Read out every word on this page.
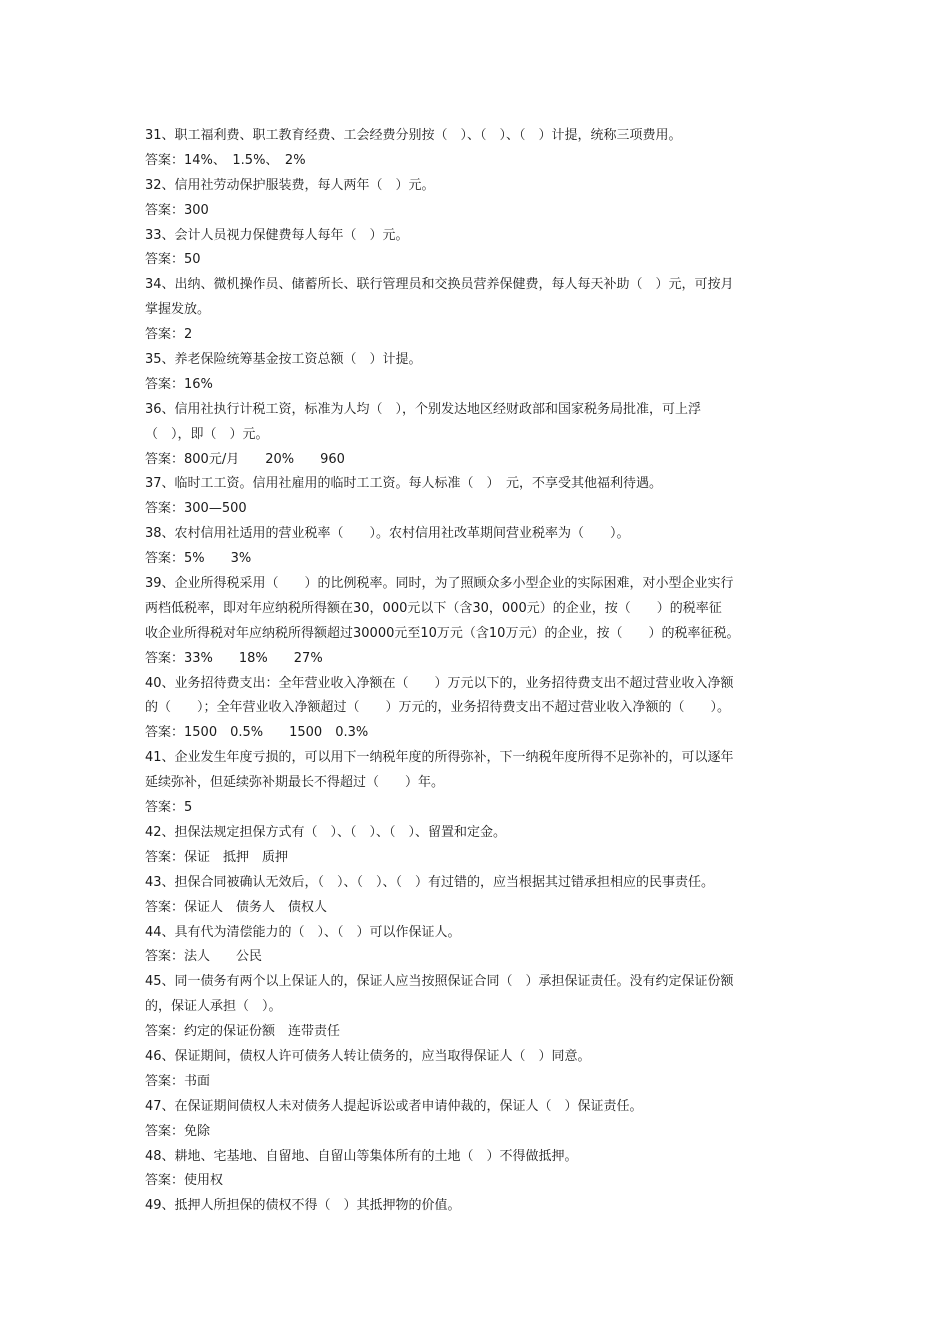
31、职工福利费、职工教育经费、工会经费分别按（　）、（　）、（　）计提，统称三项费用。
答案：14%、　1.5%、　2%
32、信用社劳动保护服装费，每人两年（　）元。
答案：300
33、会计人员视力保健费每人每年（　）元。
答案：50
34、出纳、微机操作员、储蓄所长、联行管理员和交换员营养保健费，每人每天补助（　）元，可按月
掌握发放。
答案：2
35、养老保险统筹基金按工资总额（　）计提。
答案：16%
36、信用社执行计税工资，标准为人均（　），个别发达地区经财政部和国家税务局批准，可上浮
（　），即（　）元。
答案：800元/月　　20%　　960
37、临时工工资。信用社雇用的临时工工资。每人标准（　）　元，不享受其他福利待遇。
答案：300—500
38、农村信用社适用的营业税率（　　）。农村信用社改革期间营业税率为（　　）。
答案：5%　　3%
39、企业所得税采用（　　）的比例税率。同时，为了照顾众多小型企业的实际困难，对小型企业实行
两档低税率，即对年应纳税所得额在30，000元以下（含30，000元）的企业，按（　　）的税率征
收企业所得税对年应纳税所得额超过30000元至10万元（含10万元）的企业，按（　　）的税率征税。
答案：33%　　18%　　27%
40、业务招待费支出：全年营业收入净额在（　　）万元以下的，业务招待费支出不超过营业收入净额
的（　　）；全年营业收入净额超过（　　）万元的，业务招待费支出不超过营业收入净额的（　　）。
答案：1500　0.5%　　1500　0.3%
41、企业发生年度亏损的，可以用下一纳税年度的所得弥补，下一纳税年度所得不足弥补的，可以逐年
延续弥补，但延续弥补期最长不得超过（　　）年。
答案：5
42、担保法规定担保方式有（　）、（　）、（　）、留置和定金。
答案：保证　抵押　质押
43、担保合同被确认无效后，（　）、（　）、（　）有过错的，应当根据其过错承担相应的民事责任。
答案：保证人　债务人　债权人
44、具有代为清偿能力的（　）、（　）可以作保证人。
答案：法人　　公民
45、同一债务有两个以上保证人的，保证人应当按照保证合同（　）承担保证责任。没有约定保证份额
的，保证人承担（　）。
答案：约定的保证份额　连带责任
46、保证期间，债权人许可债务人转让债务的，应当取得保证人（　）同意。
答案：书面
47、在保证期间债权人未对债务人提起诉讼或者申请仲裁的，保证人（　）保证责任。
答案：免除
48、耕地、宅基地、自留地、自留山等集体所有的土地（　）不得做抵押。
答案：使用权
49、抵押人所担保的债权不得（　）其抵押物的价值。
